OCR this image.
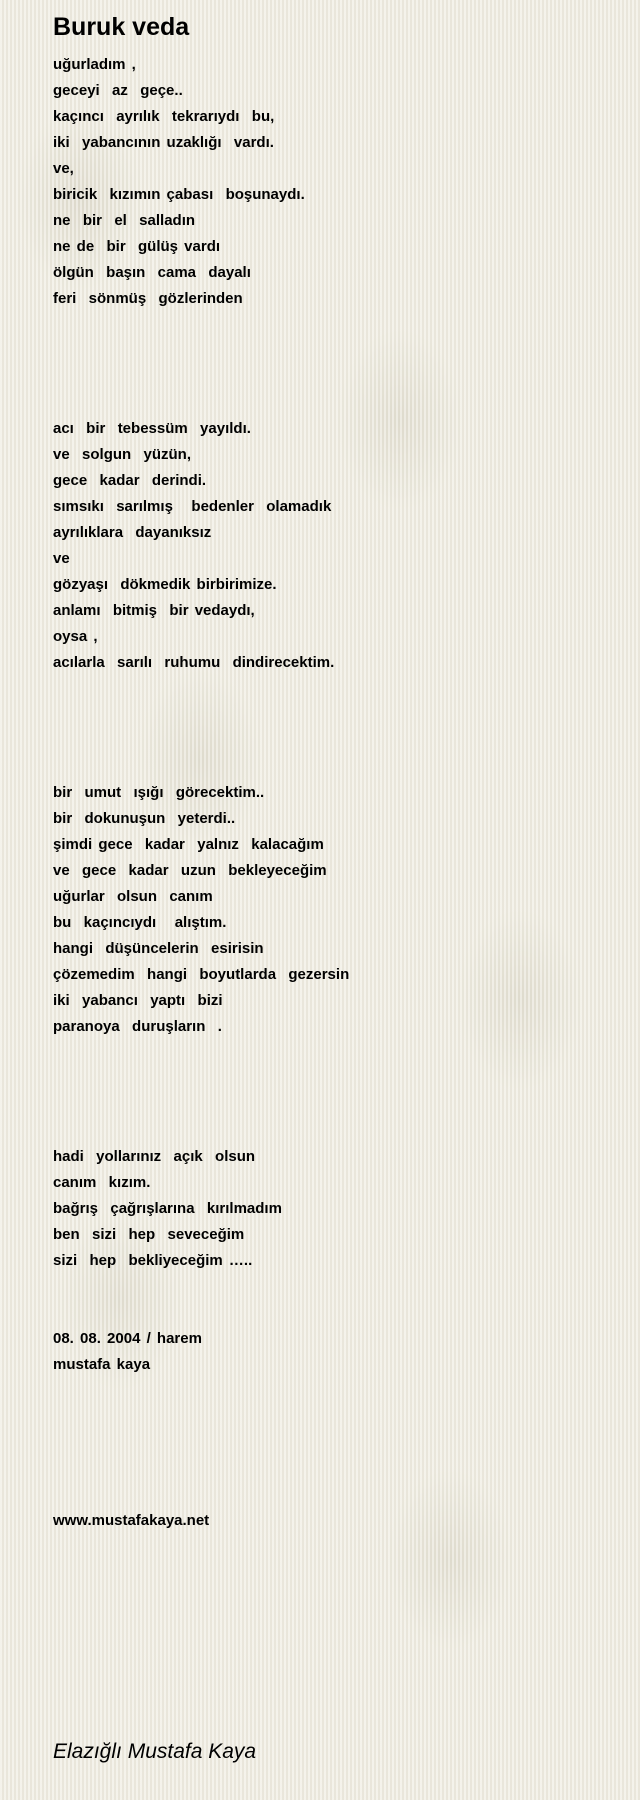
Buruk veda
uğurladım ,
geceyi  az  geçe..
kaçıncı  ayrılık  tekrarıydı  bu,
iki  yabancının uzaklığı  vardı.
ve,
biricik  kızımın çabası  boşunaydı.
ne  bir  el  salladın
ne de  bir  gülüş vardı
ölgün  başın  cama  dayalı
feri  sönmüş  gözlerinden
acı  bir  tebessüm  yayıldı.
ve  solgun  yüzün,
gece  kadar  derindi.
sımsıkı  sarılmış   bedenler  olamadık
ayrılıklara  dayanıksız
ve
gözyaşı  dökmedik birbirimize.
anlamı  bitmiş  bir vedaydı,
oysa ,
acılarla  sarılı  ruhumu  dindirecektim.
bir  umut  ışığı  görecektim..
bir  dokunuşun  yeterdi..
şimdi gece  kadar  yalnız  kalacağım
ve  gece  kadar  uzun  bekleyeceğim
uğurlar  olsun  canım
bu  kaçıncıydı   alıştım.
hangi  düşüncelerin  esirisin
çözemedim  hangi  boyutlarda  gezersin
iki  yabancı  yaptı  bizi
paranoya  duruşların  .
hadi  yollarınız  açık  olsun
canım  kızım.
bağrış  çağrışlarına  kırılmadım
ben  sizi  hep  seveceğim
sizi  hep  bekliyeceğim …..
08. 08. 2004 / harem
mustafa kaya
www.mustafakaya.net
Elazığlı Mustafa Kaya
